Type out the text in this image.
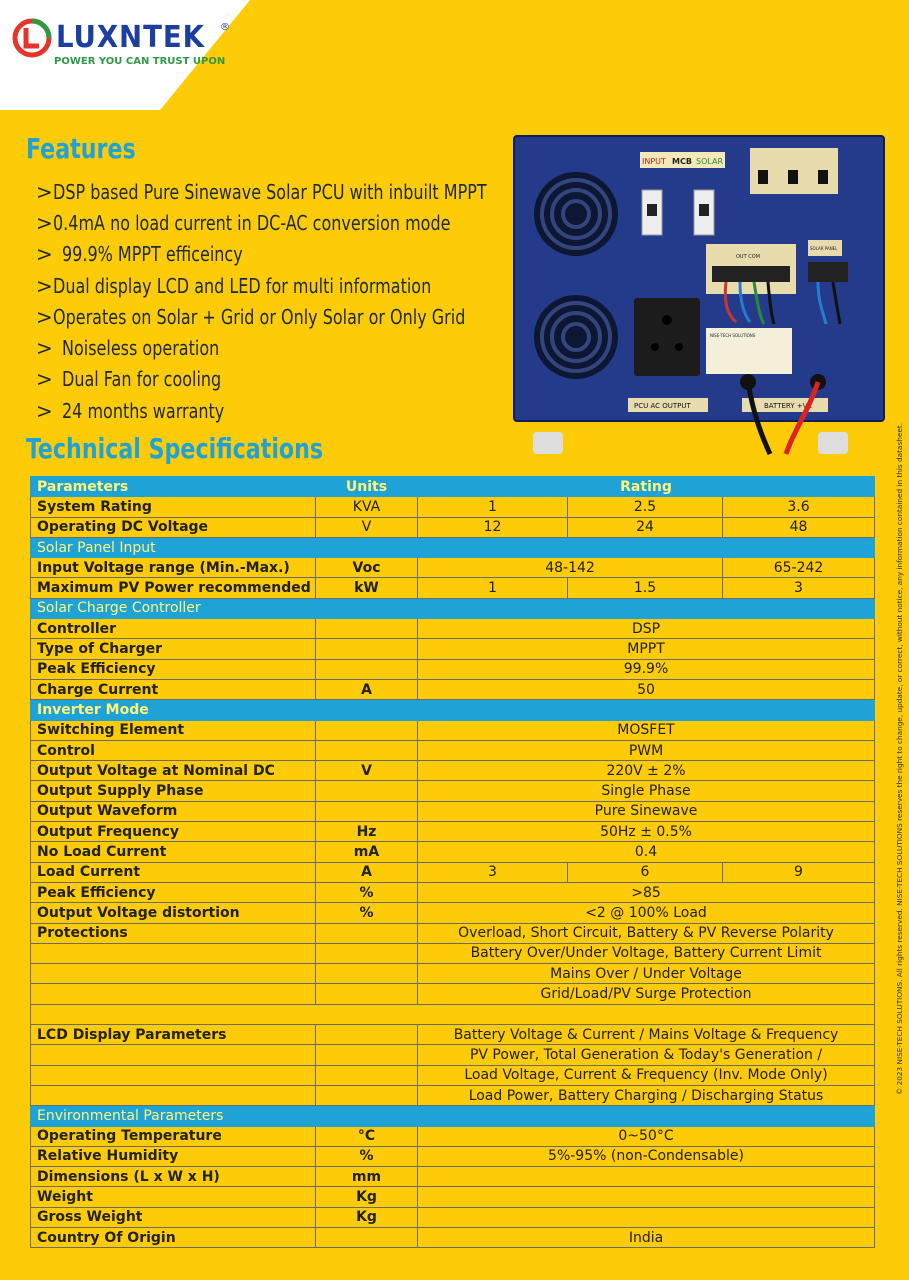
LUXNTEK ®
POWER YOU CAN TRUST UPON
Features
> DSP based Pure Sinewave Solar PCU with inbuilt MPPT
> 0.4mA no load current in DC-AC conversion mode
> 99.9% MPPT efficeincy
> Dual display LCD and LED for multi information
> Operates on Solar + Grid or Only Solar or Only Grid
> Noiseless operation
> Dual Fan for cooling
> 24 months warranty
INPUT MCB SOLAR
OUT COM
SOLAR PANEL
NISE-TECH SOLUTIONS
PCU AC OUTPUT	BATTERY +VE
© 2023 NISE-TECH SOLUTIONS. All rights reserved. NISE-TECH SOLUTIONS reserves the right to change, update, or correct, without notice, any information contained in this datasheet.
Technical Specifications
Parameters	Units	Rating		
System Rating	KVA	1	2.5	3.6
Operating DC Voltage	V	12	24	48
Solar Panel Input				
Input Voltage range (Min.-Max.)	Voc	48-142		65-242
Maximum PV Power recommended	kW	1	1.5	3
Solar Charge Controller				
Controller		DSP		
Type of Charger		MPPT		
Peak Efficiency		99.9%		
Charge Current	A	50		
Inverter Mode				
Switching Element		MOSFET		
Control		PWM		
Output Voltage at Nominal DC	V	220V ± 2%		
Output Supply Phase		Single Phase		
Output Waveform		Pure Sinewave		
Output Frequency	Hz	50Hz ± 0.5%		
No Load Current	mA	0.4		
Load Current	A	3	6	9
Peak Efficiency	%	>85		
Output Voltage distortion	%	<2 @ 100% Load		
Protections		Overload, Short Circuit, Battery & PV Reverse Polarity		
		Battery Over/Under Voltage, Battery Current Limit		
		Mains Over / Under Voltage		
		Grid/Load/PV Surge Protection		

LCD Display Parameters		Battery Voltage & Current / Mains Voltage & Frequency		
		PV Power, Total Generation & Today's Generation /		
		Load Voltage, Current & Frequency (Inv. Mode Only)		
		Load Power, Battery Charging / Discharging Status		
Environmental Parameters				
Operating Temperature	°C	0~50°C		
Relative Humidity	%	5%-95% (non-Condensable)		
Dimensions (L x W x H)	mm			
Weight	Kg			
Gross Weight	Kg			
Country Of Origin		India		
